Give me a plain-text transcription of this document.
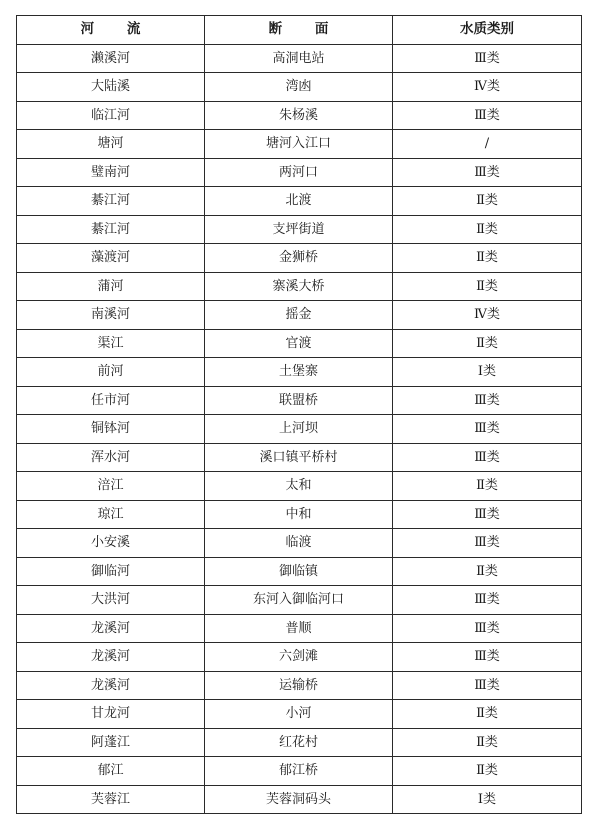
河 流	断 面	水质类别
濑溪河	高洞电站	Ⅲ类
大陆溪	湾凼	Ⅳ类
临江河	朱杨溪	Ⅲ类
塘河	塘河入江口	/
璧南河	两河口	Ⅲ类
綦江河	北渡	Ⅱ类
綦江河	支坪街道	Ⅱ类
藻渡河	金狮桥	Ⅱ类
蒲河	寨溪大桥	Ⅱ类
南溪河	摇金	Ⅳ类
渠江	官渡	Ⅱ类
前河	土堡寨	Ⅰ类
任市河	联盟桥	Ⅲ类
铜钵河	上河坝	Ⅲ类
浑水河	溪口镇平桥村	Ⅲ类
涪江	太和	Ⅱ类
琼江	中和	Ⅲ类
小安溪	临渡	Ⅲ类
御临河	御临镇	Ⅱ类
大洪河	东河入御临河口	Ⅲ类
龙溪河	普顺	Ⅲ类
龙溪河	六剑滩	Ⅲ类
龙溪河	运输桥	Ⅲ类
甘龙河	小河	Ⅱ类
阿蓬江	红花村	Ⅱ类
郁江	郁江桥	Ⅱ类
芙蓉江	芙蓉洞码头	Ⅰ类
